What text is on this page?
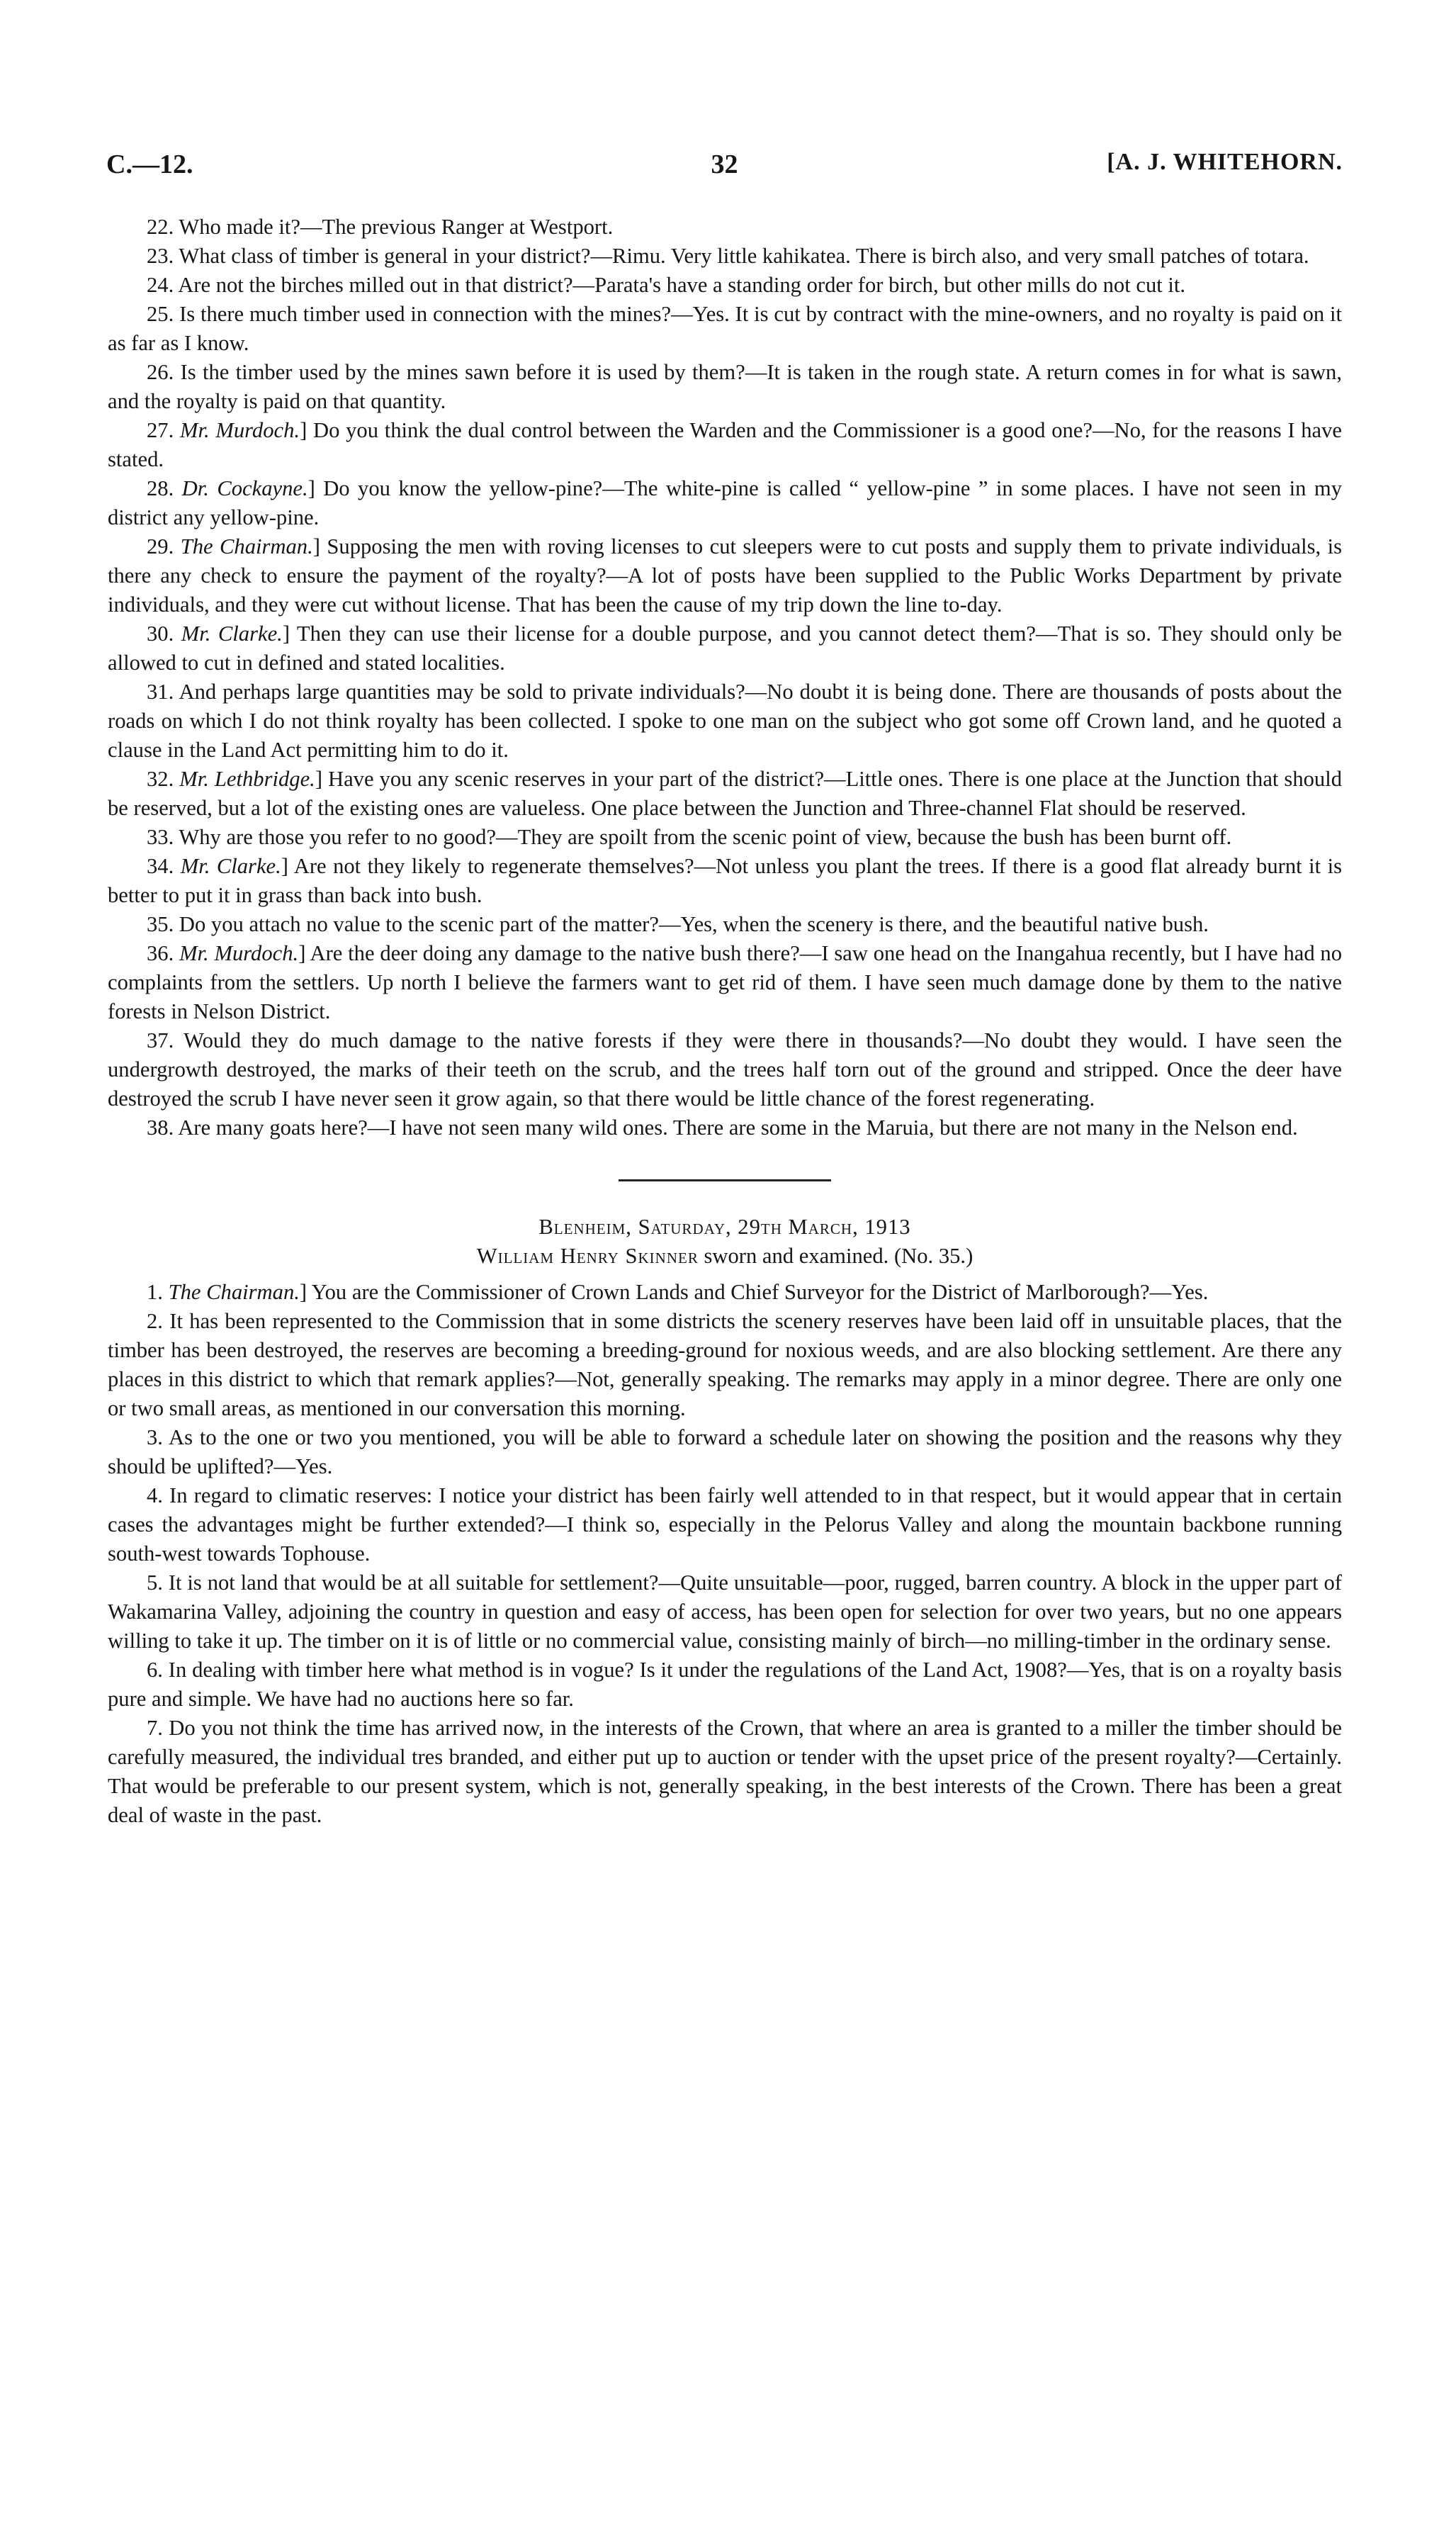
C.—12.	32	[A. J. WHITEHORN.

22. Who made it?—The previous Ranger at Westport.

23. What class of timber is general in your district?—Rimu. Very little kahikatea. There is birch also, and very small patches of totara.

24. Are not the birches milled out in that district?—Parata's have a standing order for birch, but other mills do not cut it.

25. Is there much timber used in connection with the mines?—Yes. It is cut by contract with the mine-owners, and no royalty is paid on it as far as I know.

26. Is the timber used by the mines sawn before it is used by them?—It is taken in the rough state. A return comes in for what is sawn, and the royalty is paid on that quantity.

27. Mr. Murdoch.] Do you think the dual control between the Warden and the Commissioner is a good one?—No, for the reasons I have stated.

28. Dr. Cockayne.] Do you know the yellow-pine?—The white-pine is called “ yellow-pine ” in some places. I have not seen in my district any yellow-pine.

29. The Chairman.] Supposing the men with roving licenses to cut sleepers were to cut posts and supply them to private individuals, is there any check to ensure the payment of the royalty?—A lot of posts have been supplied to the Public Works Department by private individuals, and they were cut without license. That has been the cause of my trip down the line to-day.

30. Mr. Clarke.] Then they can use their license for a double purpose, and you cannot detect them?—That is so. They should only be allowed to cut in defined and stated localities.

31. And perhaps large quantities may be sold to private individuals?—No doubt it is being done. There are thousands of posts about the roads on which I do not think royalty has been collected. I spoke to one man on the subject who got some off Crown land, and he quoted a clause in the Land Act permitting him to do it.

32. Mr. Lethbridge.] Have you any scenic reserves in your part of the district?—Little ones. There is one place at the Junction that should be reserved, but a lot of the existing ones are valueless. One place between the Junction and Three-channel Flat should be reserved.

33. Why are those you refer to no good?—They are spoilt from the scenic point of view, because the bush has been burnt off.

34. Mr. Clarke.] Are not they likely to regenerate themselves?—Not unless you plant the trees. If there is a good flat already burnt it is better to put it in grass than back into bush.

35. Do you attach no value to the scenic part of the matter?—Yes, when the scenery is there, and the beautiful native bush.

36. Mr. Murdoch.] Are the deer doing any damage to the native bush there?—I saw one head on the Inangahua recently, but I have had no complaints from the settlers. Up north I believe the farmers want to get rid of them. I have seen much damage done by them to the native forests in Nelson District.

37. Would they do much damage to the native forests if they were there in thousands?—No doubt they would. I have seen the undergrowth destroyed, the marks of their teeth on the scrub, and the trees half torn out of the ground and stripped. Once the deer have destroyed the scrub I have never seen it grow again, so that there would be little chance of the forest regenerating.

38. Are many goats here?—I have not seen many wild ones. There are some in the Maruia, but there are not many in the Nelson end.

Blenheim, Saturday, 29th March, 1913

William Henry Skinner sworn and examined. (No. 35.)

1. The Chairman.] You are the Commissioner of Crown Lands and Chief Surveyor for the District of Marlborough?—Yes.

2. It has been represented to the Commission that in some districts the scenery reserves have been laid off in unsuitable places, that the timber has been destroyed, the reserves are becoming a breeding-ground for noxious weeds, and are also blocking settlement. Are there any places in this district to which that remark applies?—Not, generally speaking. The remarks may apply in a minor degree. There are only one or two small areas, as mentioned in our conversation this morning.

3. As to the one or two you mentioned, you will be able to forward a schedule later on showing the position and the reasons why they should be uplifted?—Yes.

4. In regard to climatic reserves: I notice your district has been fairly well attended to in that respect, but it would appear that in certain cases the advantages might be further extended?—I think so, especially in the Pelorus Valley and along the mountain backbone running south-west towards Tophouse.

5. It is not land that would be at all suitable for settlement?—Quite unsuitable—poor, rugged, barren country. A block in the upper part of Wakamarina Valley, adjoining the country in question and easy of access, has been open for selection for over two years, but no one appears willing to take it up. The timber on it is of little or no commercial value, consisting mainly of birch—no milling-timber in the ordinary sense.

6. In dealing with timber here what method is in vogue? Is it under the regulations of the Land Act, 1908?—Yes, that is on a royalty basis pure and simple. We have had no auctions here so far.

7. Do you not think the time has arrived now, in the interests of the Crown, that where an area is granted to a miller the timber should be carefully measured, the individual tres branded, and either put up to auction or tender with the upset price of the present royalty?—Certainly. That would be preferable to our present system, which is not, generally speaking, in the best interests of the Crown. There has been a great deal of waste in the past.
